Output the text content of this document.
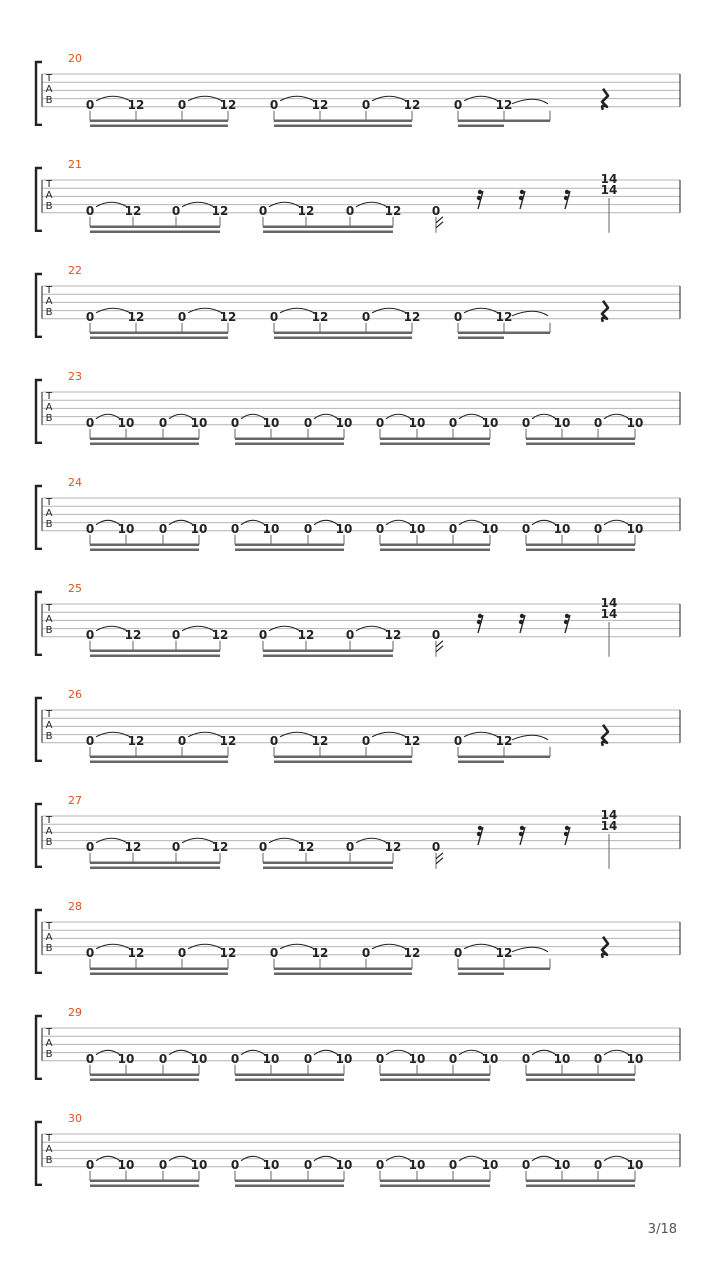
T
A
B	0	12	0	12	0	12	0	12	0	12
T
A
B	0	12	0	12	0	12	0	12	0
14
14
T
A
B	0	12	0	12	0	12	0	12	0	12
T
A
B	0 10 0 10 0 10 0 10 0 10 0 10 0 10 0 10
T
A
B	0 10 0 10 0 10 0 10 0 10 0 10 0 10 0 10
T
A
B	0	12	0	12	0	12	0	12	0
14
14
T
A
B	0	12	0	12	0	12	0	12	0	12
T
A
B	0	12	0	12	0	12	0	12	0
14
14
T
A
B	0	12	0	12	0	12	0	12	0	12
T
A
B	0 10 0 10 0 10 0 10 0 10 0 10 0 10 0 10
T
A
B	0 10 0 10 0 10 0 10 0 10 0 10 0 10 0 10
3/18
20
21
22
23
24
25
26
27
28
29
30
